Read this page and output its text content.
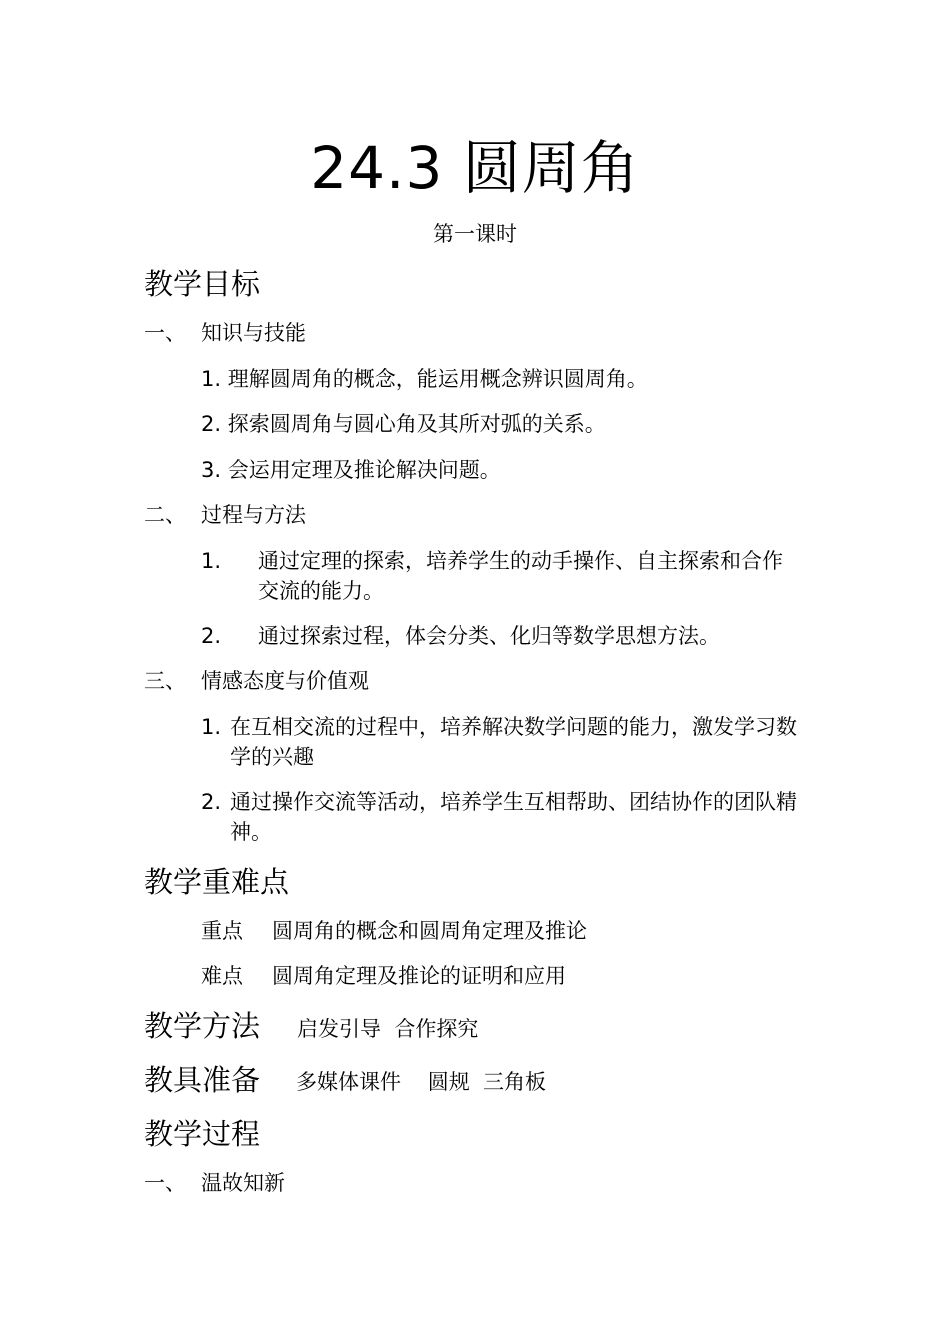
24.3 圆周角
第一课时
教学目标
一、 知识与技能
1. 理解圆周角的概念，能运用概念辨识圆周角。
2. 探索圆周角与圆心角及其所对弧的关系。
3. 会运用定理及推论解决问题。
二、 过程与方法
1. 通过定理的探索，培养学生的动手操作、自主探索和合作交流的能力。
2. 通过探索过程，体会分类、化归等数学思想方法。
三、 情感态度与价值观
1. 在互相交流的过程中，培养解决数学问题的能力，激发学习数学的兴趣
2. 通过操作交流等活动，培养学生互相帮助、团结协作的团队精神。
教学重难点
重点 圆周角的概念和圆周角定理及推论
难点 圆周角定理及推论的证明和应用
教学方法 启发引导  合作探究
教具准备 多媒体课件    圆规  三角板
教学过程
一、 温故知新
